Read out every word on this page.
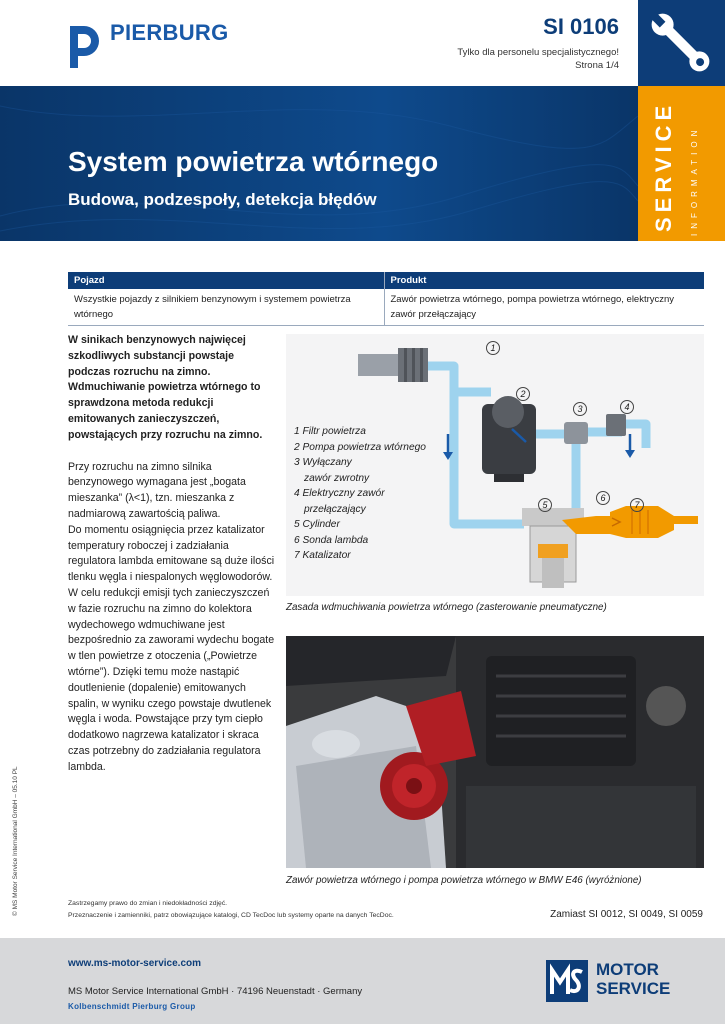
PIERBURG	SI 0106
Tylko dla personelu specjalistycznego!
Strona 1/4
SERVICE INFORMATION
System powietrza wtórnego
Budowa, podzespoły, detekcja błędów
Pojazd	Produkt
Wszystkie pojazdy z silnikiem benzynowym i systemem powietrza wtórnego	Zawór powietrza wtórnego, pompa powietrza wtórnego, elektryczny zawór przełączający

W sinikach benzynowych najwięcej szkodliwych substancji powstaje podczas rozruchu na zimno. Wdmuchiwanie powietrza wtórnego to sprawdzona metoda redukcji emitowanych zanieczyszczeń, powstających przy rozruchu na zimno.

Przy rozruchu na zimno silnika benzynowego wymagana jest „bogata mieszanka” (λ<1), tzn. mieszanka z nadmiarową zawartością paliwa.

Do momentu osiągnięcia przez katalizator temperatury roboczej i zadziałania regulatora lambda emitowane są duże ilości tlenku węgla i niespalonych węglowodorów.

W celu redukcji emisji tych zanieczyszczeń w fazie rozruchu na zimno do kolektora wydechowego wdmuchiwane jest bezpośrednio za zaworami wydechu bogate w tlen powietrze z otoczenia („Powietrze wtórne”). Dzięki temu może nastąpić doutlenienie (dopalenie) emitowanych spalin, w wyniku czego powstaje dwutlenek węgla i woda. Powstające przy tym ciepło dodatkowo nagrzewa katalizator i skraca czas potrzebny do zadziałania regulatora lambda.

1
2
3	4
5
6
7
1 Filtr powietrza
2 Pompa powietrza wtórnego
3 Wyłączany
zawór zwrotny
4 Elektryczny zawór
przełączający
5 Cylinder
6 Sonda lambda
7 Katalizator
Zasada wdmuchiwania powietrza wtórnego (zasterowanie pneumatyczne)
Zawór powietrza wtórnego i pompa powietrza wtórnego w BMW E46 (wyróżnione)
© MS Motor Service International GmbH – 05.10 PL	Zastrzegamy prawo do zmian i niedokładności zdjęć.
Przeznaczenie i zamienniki, patrz obowiązujące katalogi, CD TecDoc lub systemy oparte na danych TecDoc.	Zamiast SI 0012, SI 0049, SI 0059
www.ms-motor-service.com
MS Motor Service International GmbH · 74196 Neuenstadt · Germany
Kolbenschmidt Pierburg Group
MOTOR
SERVICE
